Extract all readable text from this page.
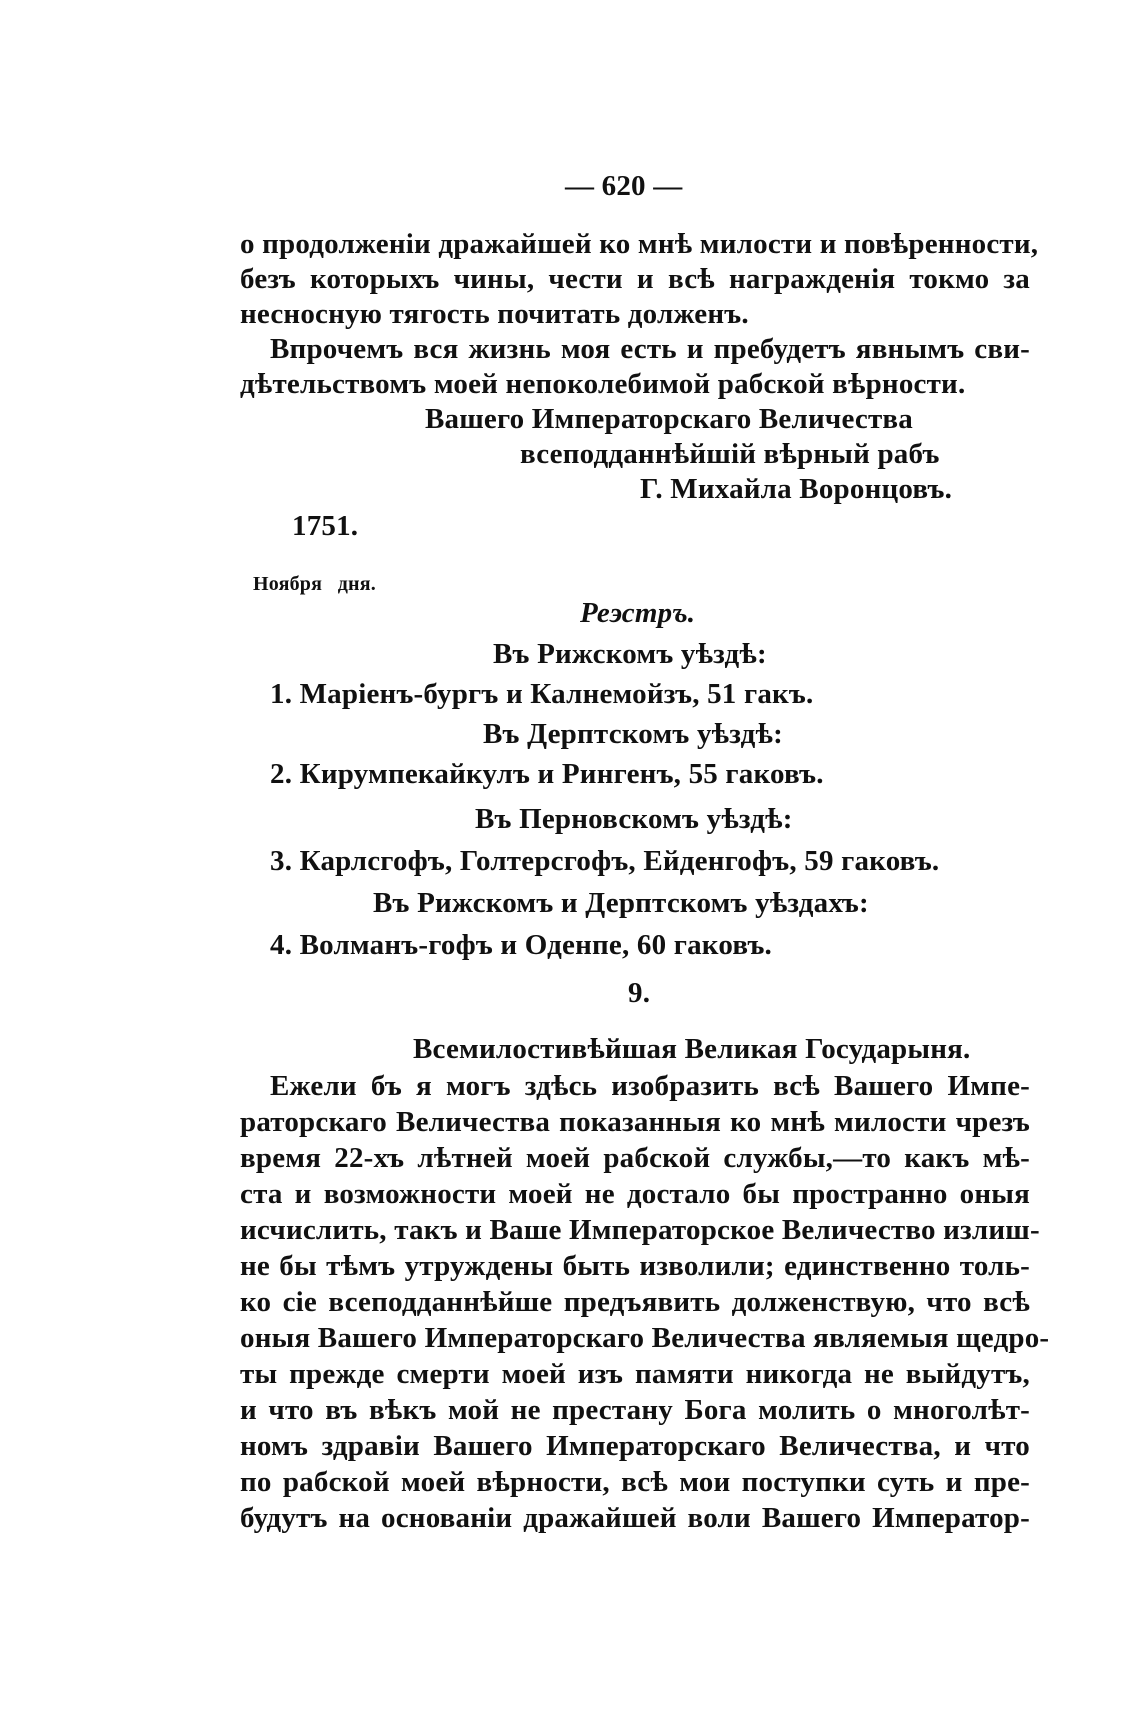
— 620 —
о продолженіи дражайшей ко мнѣ милости и повѣренности,
безъ которыхъ чины, чести и всѣ награжденія токмо за
несносную тягость почитать долженъ.
Впрочемъ вся жизнь моя есть и пребудетъ явнымъ сви-
дѣтельствомъ моей непоколебимой рабской вѣрности.
Вашего Императорскаго Величества
всеподданнѣйшій вѣрный рабъ
Г. Михайла Воронцовъ.
1751.
Ноября   дня.
Реэстръ.
Въ Рижскомъ уѣздѣ:
1. Маріенъ-бургъ и Калнемойзъ, 51 гакъ.
Въ Дерптскомъ уѣздѣ:
2. Кирумпекайкулъ и Рингенъ, 55 гаковъ.
Въ Перновскомъ уѣздѣ:
3. Карлсгофъ, Голтерсгофъ, Ейденгофъ, 59 гаковъ.
Въ Рижскомъ и Дерптскомъ уѣздахъ:
4. Волманъ-гофъ и Оденпе, 60 гаковъ.
9.
Всемилостивѣйшая Великая Государыня.
Ежели бъ я могъ здѣсь изобразить всѣ Вашего Импе-
раторскаго Величества показанныя ко мнѣ милости чрезъ
время 22-хъ лѣтней моей рабской службы,—то какъ мѣ-
ста и возможности моей не достало бы пространно оныя
исчислить, такъ и Ваше Императорское Величество излиш-
не бы тѣмъ утруждены быть изволили; единственно толь-
ко сіе всеподданнѣйше предъявить долженствую, что всѣ
оныя Вашего Императорскаго Величества являемыя щедро-
ты прежде смерти моей изъ памяти никогда не выйдутъ,
и что въ вѣкъ мой не престану Бога молить о многолѣт-
номъ здравіи Вашего Императорскаго Величества, и что
по рабской моей вѣрности, всѣ мои поступки суть и пре-
будутъ на основаніи дражайшей воли Вашего Император-
